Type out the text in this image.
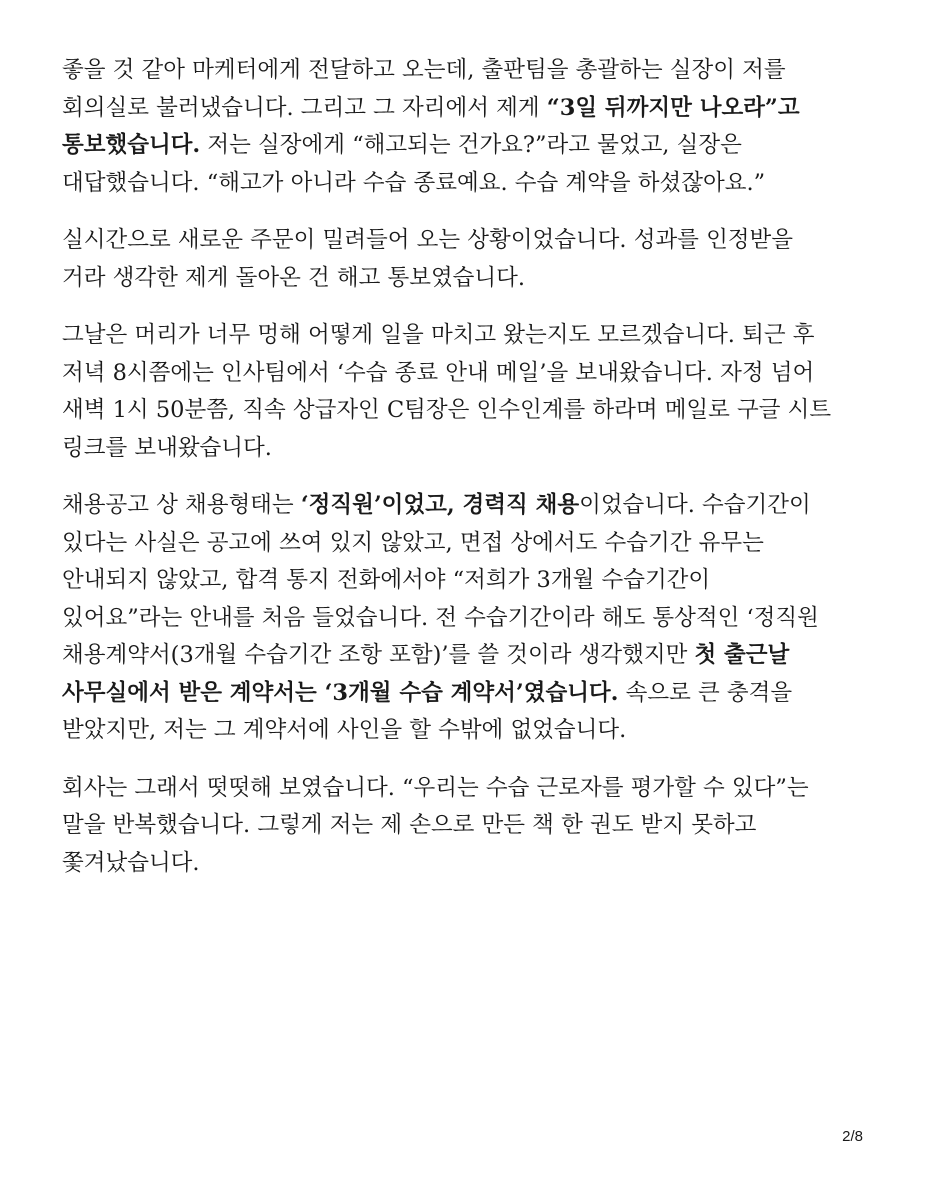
좋을 것 같아 마케터에게 전달하고 오는데, 출판팀을 총괄하는 실장이 저를
회의실로 불러냈습니다. 그리고 그 자리에서 제게 “3일 뒤까지만 나오라”고
통보했습니다. 저는 실장에게 “해고되는 건가요?”라고 물었고, 실장은
대답했습니다. “해고가 아니라 수습 종료예요. 수습 계약을 하셨잖아요.”

실시간으로 새로운 주문이 밀려들어 오는 상황이었습니다. 성과를 인정받을
거라 생각한 제게 돌아온 건 해고 통보였습니다.

그날은 머리가 너무 멍해 어떻게 일을 마치고 왔는지도 모르겠습니다. 퇴근 후
저녁 8시쯤에는 인사팀에서 ‘수습 종료 안내 메일’을 보내왔습니다. 자정 넘어
새벽 1시 50분쯤, 직속 상급자인 C팀장은 인수인계를 하라며 메일로 구글 시트
링크를 보내왔습니다.

채용공고 상 채용형태는 ‘정직원’이었고, 경력직 채용이었습니다. 수습기간이
있다는 사실은 공고에 쓰여 있지 않았고, 면접 상에서도 수습기간 유무는
안내되지 않았고, 합격 통지 전화에서야 “저희가 3개월 수습기간이
있어요”라는 안내를 처음 들었습니다. 전 수습기간이라 해도 통상적인 ‘정직원
채용계약서(3개월 수습기간 조항 포함)’를 쓸 것이라 생각했지만 첫 출근날
사무실에서 받은 계약서는 ‘3개월 수습 계약서’였습니다. 속으로 큰 충격을
받았지만, 저는 그 계약서에 사인을 할 수밖에 없었습니다.

회사는 그래서 떳떳해 보였습니다. “우리는 수습 근로자를 평가할 수 있다”는
말을 반복했습니다. 그렇게 저는 제 손으로 만든 책 한 권도 받지 못하고
쫓겨났습니다.

2/8
